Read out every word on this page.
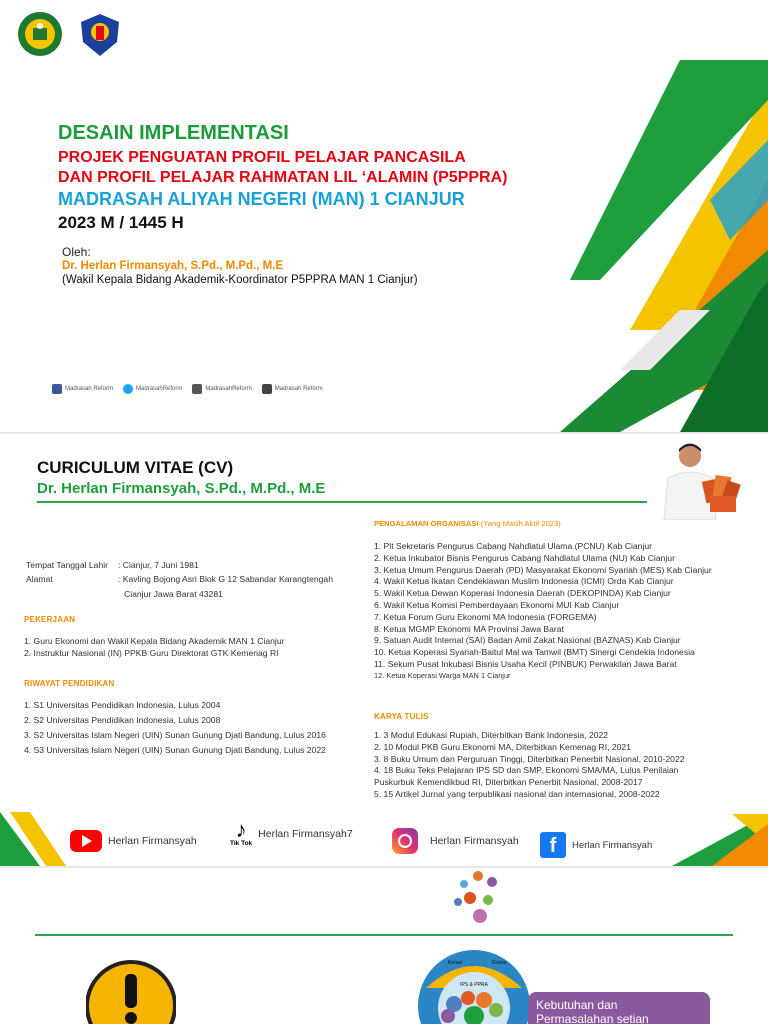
DESAIN IMPLEMENTASI
PROJEK PENGUATAN PROFIL PELAJAR PANCASILA
DAN PROFIL PELAJAR RAHMATAN LIL ‘ALAMIN (P5PPRA)
MADRASAH ALIYAH NEGERI (MAN) 1 CIANJUR
2023 M / 1445 H
Oleh:
Dr. Herlan Firmansyah, S.Pd., M.Pd., M.E
(Wakil Kepala Bidang Akademik-Koordinator P5PPRA MAN 1 Cianjur)
Madrasah Reform	MadrasahReform	MadrasahReform	Madrasah Reform
CURICULUM VITAE (CV)
Dr. Herlan Firmansyah, S.Pd., M.Pd., M.E
Tempat Tanggal Lahir : Cianjur, 7 Juni 1981
Alamat	: Kavling Bojong Asri Blok G 12 Sabandar Karangtengah
Cianjur Jawa Barat 43281
PEKERJAAN
1. Guru Ekonomi dan Wakil Kepala Bidang Akademik MAN 1 Cianjur
2. Instruktur Nasional (IN) PPKB Guru Direktorat GTK Kemenag RI
RIWAYAT PENDIDIKAN
1. S1 Universitas Pendidikan Indonesia, Lulus 2004
2. S2 Universitas Pendidikan Indonesia, Lulus 2008
3. S2 Universitas Islam Negeri (UIN) Sunan Gunung Djati Bandung, Lulus 2016
4. S3 Universitas Islam Negeri (UIN) Sunan Gunung Djati Bandung, Lulus 2022
PENGALAMAN ORGANISASI (Yang Masih Aktif 2023)
1. Plt Sekretaris Pengurus Cabang Nahdlatul Ulama (PCNU) Kab Cianjur
2. Ketua Inkubator Bisnis Pengurus Cabang Nahdlatul Ulama (NU) Kab Cianjur
3. Ketua Umum Pengurus Daerah (PD) Masyarakat Ekonomi Syariah (MES) Kab Cianjur
4. Wakil Ketua Ikatan Cendekiawan Muslim Indonesia (ICMI) Orda Kab Cianjur
5. Wakil Ketua Dewan Koperasi Indonesia Daerah (DEKOPINDA) Kab Cianjur
6. Wakil Ketua Komisi Pemberdayaan Ekonomi MUI Kab Cianjur
7. Ketua Forum Guru Ekonomi MA Indonesia (FORGEMA)
8. Ketua MGMP Ekonomi MA Provinsi Jawa Barat
9. Satuan Audit Internal (SAI) Badan Amil Zakat Nasional (BAZNAS) Kab Cianjur
10. Ketua Koperasi Syariah-Baitul Mal wa Tamwil (BMT) Sinergi Cendekia Indonesia
11. Sekum Pusat Inkubasi Bisnis Usaha Kecil (PINBUK) Perwakilan Jawa Barat
12. Ketua Koperasi Warga MAN 1 Cianjur
KARYA TULIS
1. 3 Modul Edukasi Rupiah, Diterbitkan Bank Indonesia, 2022
2. 10 Modul PKB Guru Ekonomi MA, Diterbitkan Kemenag RI, 2021
3. 8 Buku Umum dan Perguruan Tinggi, Diterbitkan Penerbit Nasional, 2010-2022
4. 18 Buku Teks Pelajaran IPS SD dan SMP, Ekonomi SMA/MA, Lulus Penilaian
Puskurbuk Kemendikbud RI, Diterbitkan Penerbit Nasional, 2008-2017
5. 15 Artikel Jurnal yang terpublikasi nasional dan internasional, 2008-2022
Herlan Firmansyah ♪
Tik Tok
Herlan Firmansyah7
Herlan Firmansyah	f	Herlan Firmansyah
IPS & PPRA
Kenari	Ekstra
Kebutuhan dan
Permasalahan setian
